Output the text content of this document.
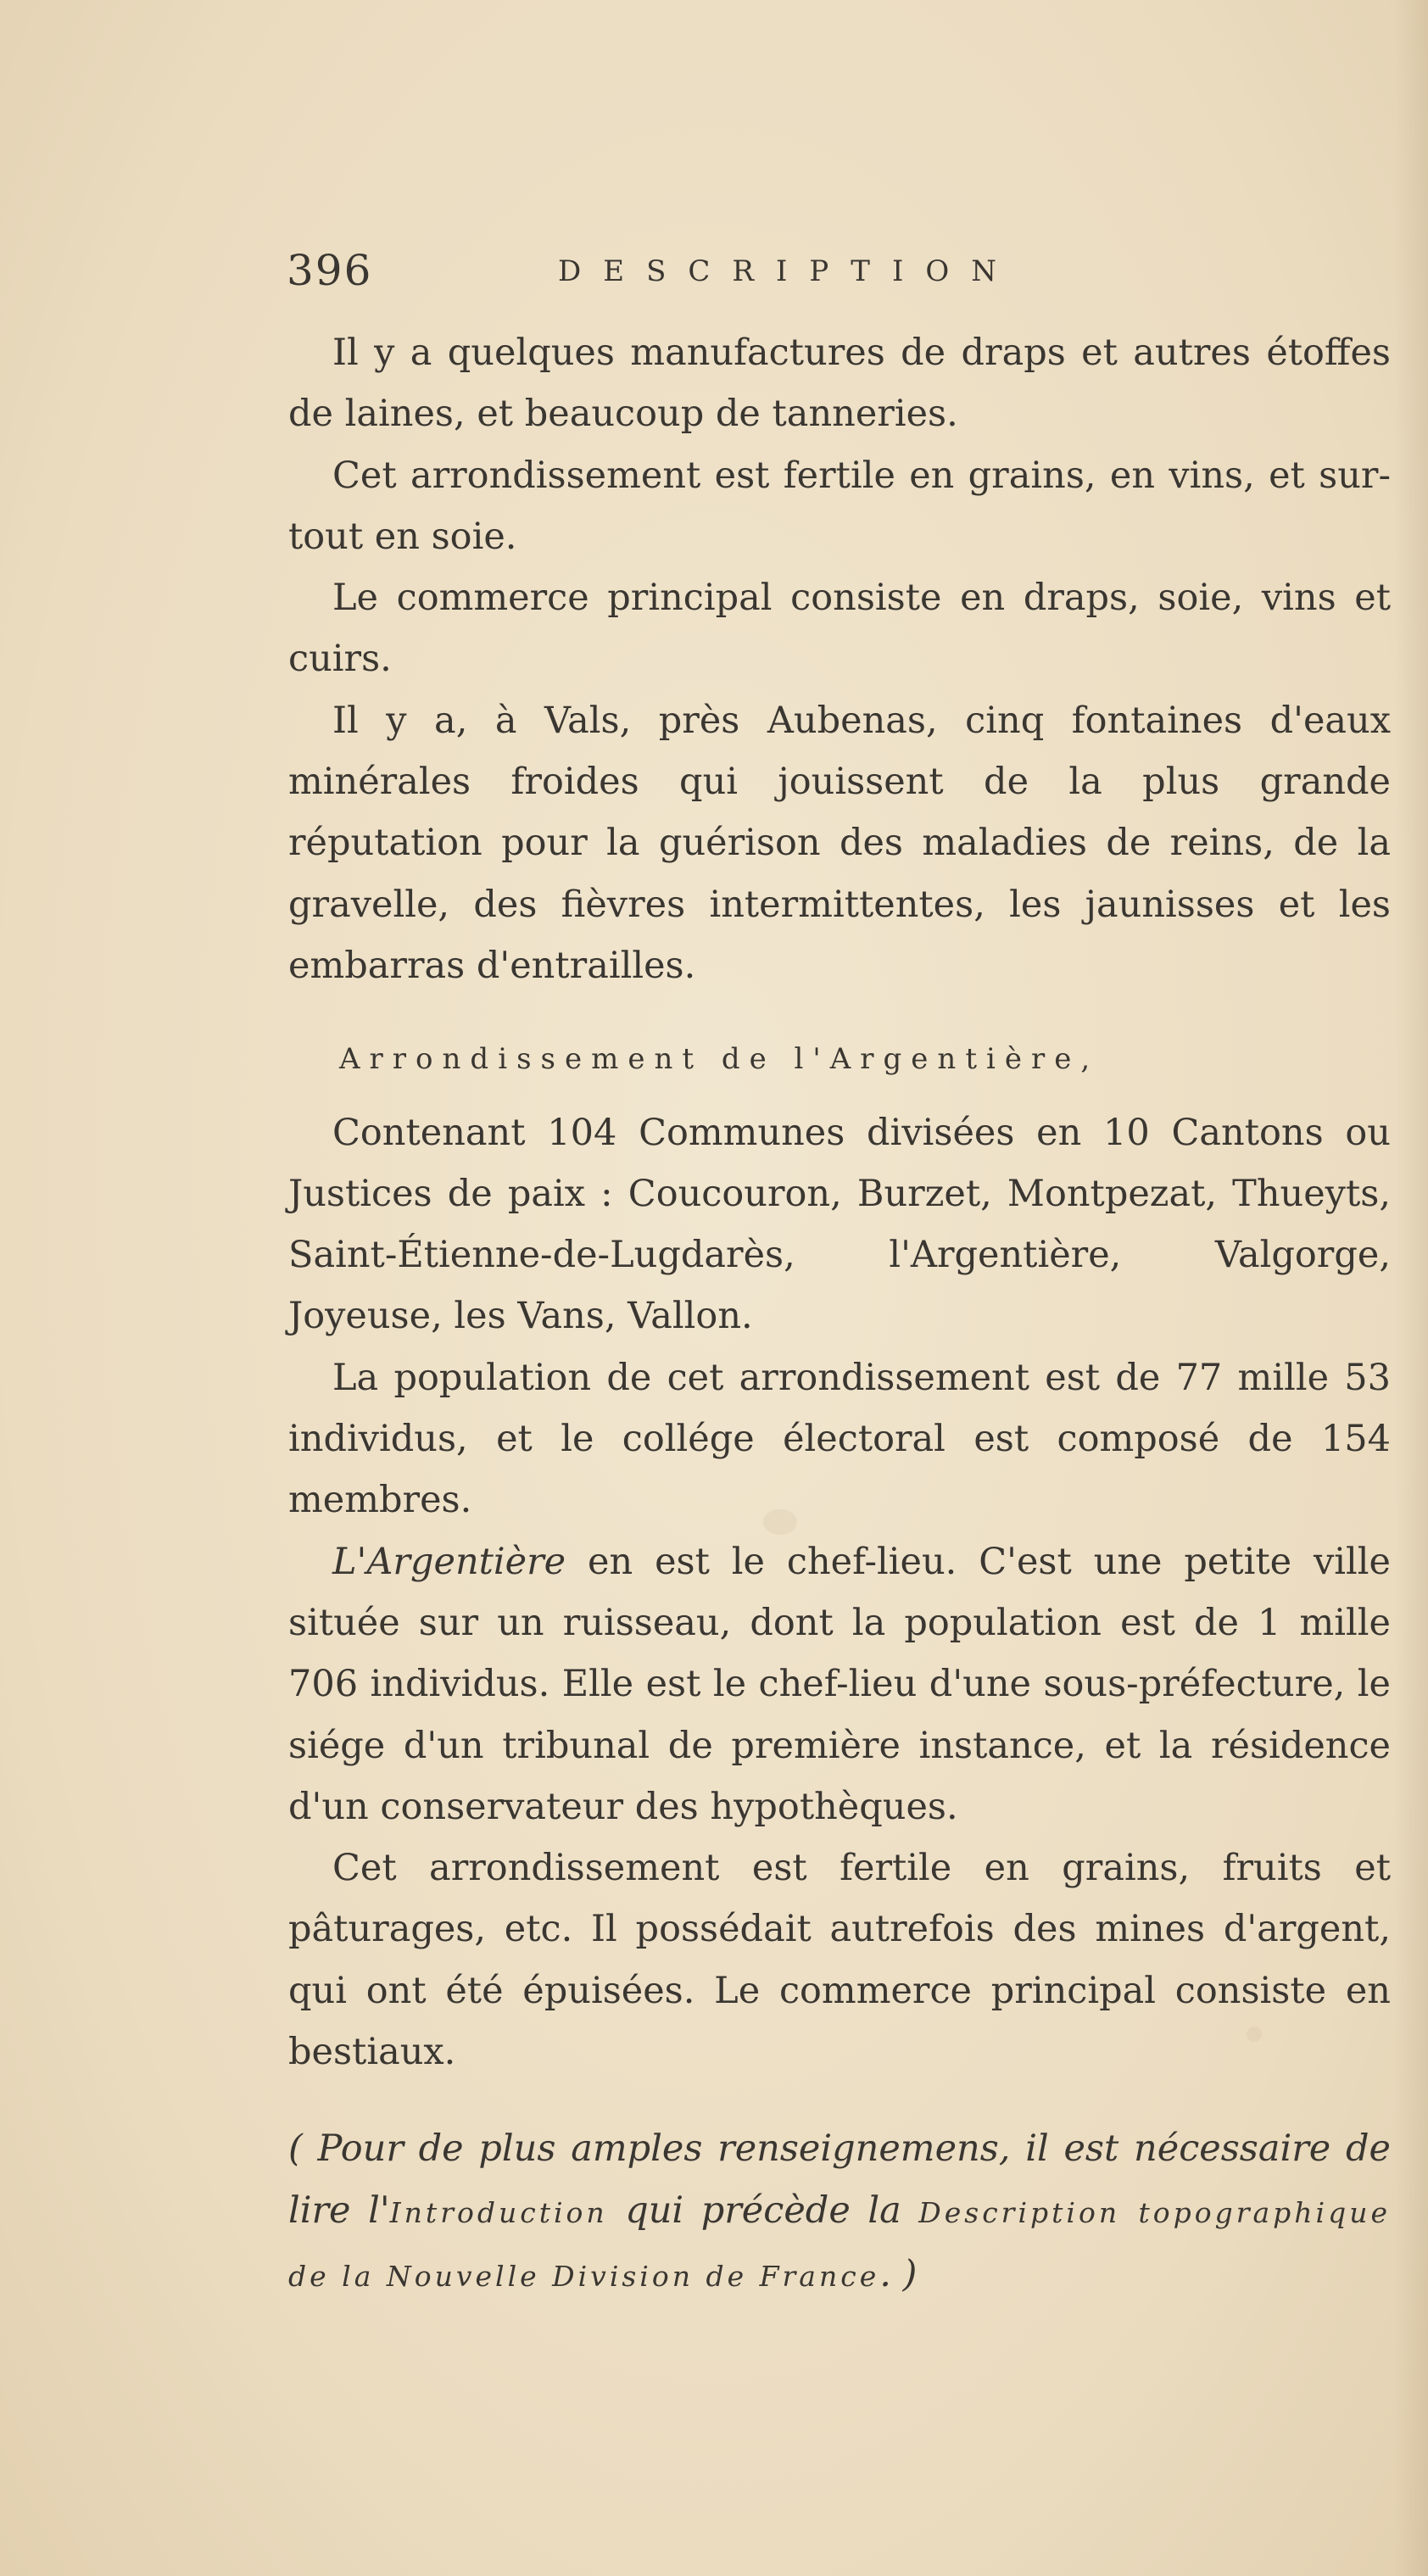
396	DESCRIPTION

Il y a quelques manufactures de draps et autres étoffes de laines, et beaucoup de tanneries.

Cet arrondissement est fertile en grains, en vins, et sur-tout en soie.

Le commerce principal consiste en draps, soie, vins et cuirs.

Il y a, à Vals, près Aubenas, cinq fontaines d'eaux minérales froides qui jouissent de la plus grande réputation pour la guérison des maladies de reins, de la gravelle, des fièvres intermittentes, les jaunisses et les embarras d'entrailles.

Arrondissement de l'Argentière,

Contenant 104 Communes divisées en 10 Cantons ou Justices de paix : Coucouron, Burzet, Montpezat, Thueyts, Saint-Étienne-de-Lugdarès, l'Argentière, Valgorge, Joyeuse, les Vans, Vallon.

La population de cet arrondissement est de 77 mille 53 individus, et le collége électoral est composé de 154 membres.

L'Argentière en est le chef-lieu. C'est une petite ville située sur un ruisseau, dont la population est de 1 mille 706 individus. Elle est le chef-lieu d'une sous-préfecture, le siége d'un tribunal de première instance, et la résidence d'un conservateur des hypothèques.

Cet arrondissement est fertile en grains, fruits et pâturages, etc. Il possédait autrefois des mines d'argent, qui ont été épuisées. Le commerce principal consiste en bestiaux.

( Pour de plus amples renseignemens, il est nécessaire de lire l'Introduction qui précède la Description topographique de la Nouvelle Division de France. )
